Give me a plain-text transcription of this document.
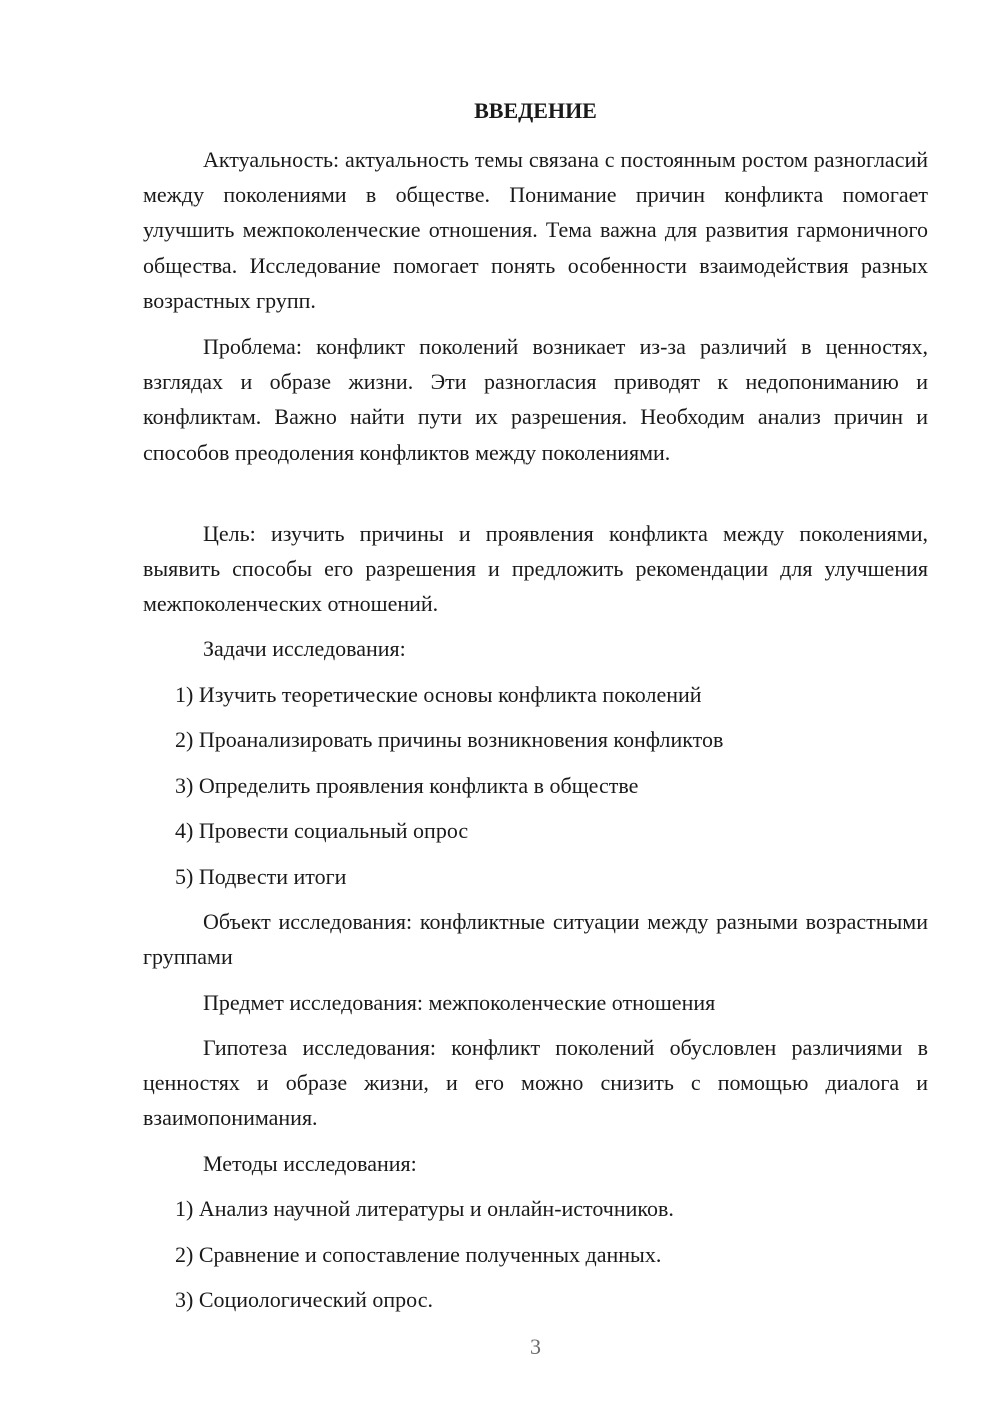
ВВЕДЕНИЕ

Актуальность: актуальность темы связана с постоянным ростом разногласий между поколениями в обществе. Понимание причин конфликта помогает улучшить межпоколенческие отношения. Тема важна для развития гармоничного общества. Исследование помогает понять особенности взаимодействия разных возрастных групп.

Проблема: конфликт поколений возникает из-за различий в ценностях, взглядах и образе жизни. Эти разногласия приводят к недопониманию и конфликтам. Важно найти пути их разрешения. Необходим анализ причин и способов преодоления конфликтов между поколениями.

Цель: изучить причины и проявления конфликта между поколениями, выявить способы его разрешения и предложить рекомендации для улучшения межпоколенческих отношений.

Задачи исследования:

1) Изучить теоретические основы конфликта поколений

2) Проанализировать причины возникновения конфликтов

3) Определить проявления конфликта в обществе

4) Провести социальный опрос

5) Подвести итоги

Объект исследования: конфликтные ситуации между разными возрастными группами

Предмет исследования: межпоколенческие отношения

Гипотеза исследования: конфликт поколений обусловлен различиями в ценностях и образе жизни, и его можно снизить с помощью диалога и взаимопонимания.

Методы исследования:

1) Анализ научной литературы и онлайн-источников.

2) Сравнение и сопоставление полученных данных.

3) Социологический опрос.

3
